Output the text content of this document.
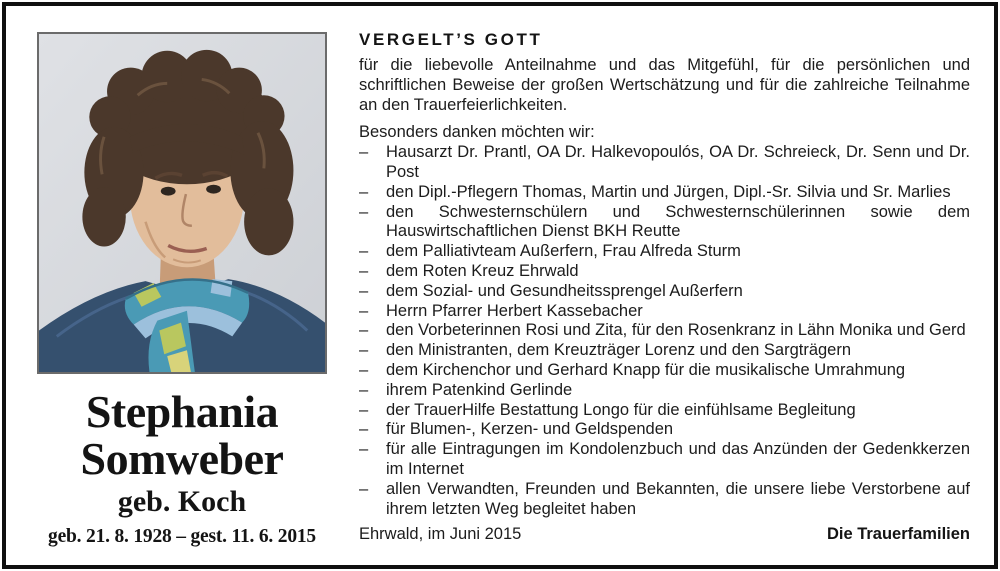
Stephania
Somweber
geb. Koch
geb. 21. 8. 1928 – gest. 11. 6. 2015
VERGELT’S GOTT

für die liebevolle Anteilnahme und das Mitgefühl, für die persönlichen und schriftlichen Beweise der großen Wertschätzung und für die zahlreiche Teilnahme an den Trauerfeierlichkeiten.

Besonders danken möchten wir:
–	Hausarzt Dr. Prantl, OA Dr. Halkevopoulós, OA Dr. Schreieck, Dr. Senn und Dr. Post
–	den Dipl.-Pflegern Thomas, Martin und Jürgen, Dipl.-Sr. Silvia und Sr. Marlies
–	den Schwesternschülern und Schwesternschülerinnen sowie dem Hauswirtschaftlichen Dienst BKH Reutte
–	dem Palliativteam Außerfern, Frau Alfreda Sturm
–	dem Roten Kreuz Ehrwald
–	dem Sozial- und Gesundheitssprengel Außerfern
–	Herrn Pfarrer Herbert Kassebacher
–	den Vorbeterinnen Rosi und Zita, für den Rosenkranz in Lähn Monika und Gerd
–	den Ministranten, dem Kreuzträger Lorenz und den Sargträgern
–	dem Kirchenchor und Gerhard Knapp für die musikalische Umrahmung
–	ihrem Patenkind Gerlinde
–	der TrauerHilfe Bestattung Longo für die einfühlsame Begleitung
–	für Blumen-, Kerzen- und Geldspenden
–	für alle Eintragungen im Kondolenzbuch und das Anzünden der Gedenkkerzen im Internet
–	allen Verwandten, Freunden und Bekannten, die unsere liebe Verstorbene auf ihrem letzten Weg begleitet haben
Ehrwald, im Juni 2015	Die Trauerfamilien
